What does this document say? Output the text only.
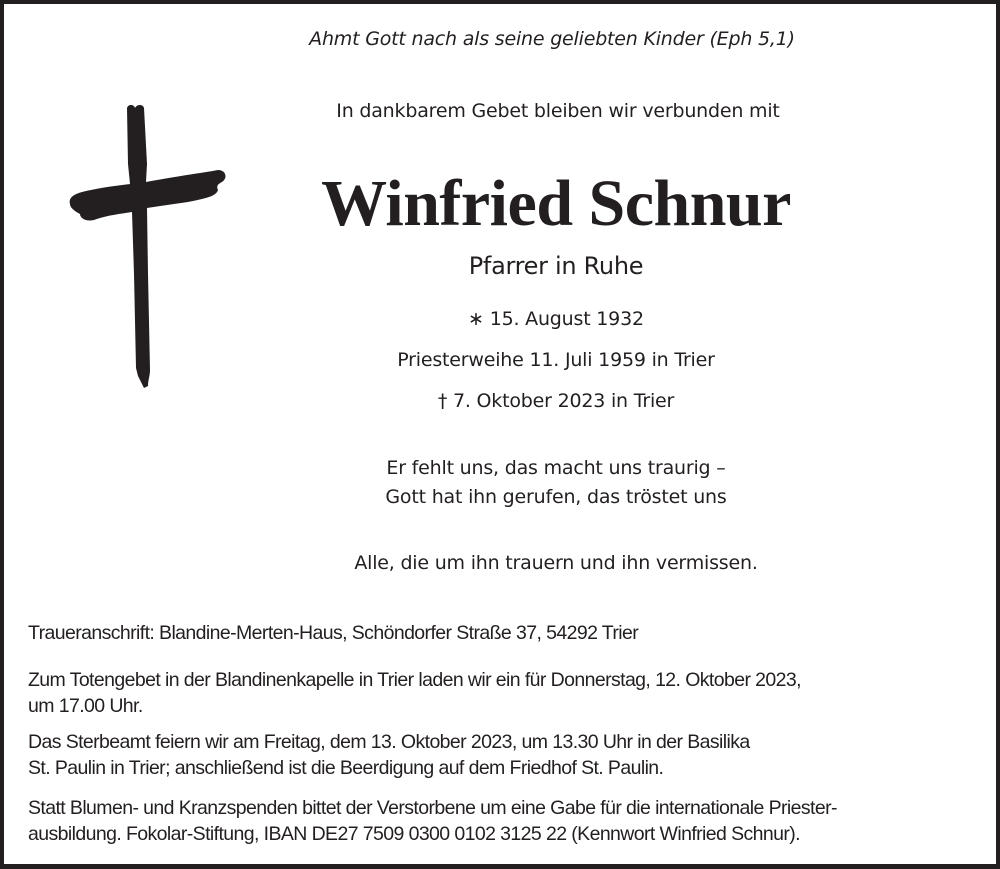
Ahmt Gott nach als seine geliebten Kinder (Eph 5,1)
In dankbarem Gebet bleiben wir verbunden mit
Winfried Schnur
Pfarrer in Ruhe
∗ 15. August 1932
Priesterweihe 11. Juli 1959 in Trier
† 7. Oktober 2023 in Trier
Er fehlt uns, das macht uns traurig –
Gott hat ihn gerufen, das tröstet uns
Alle, die um ihn trauern und ihn vermissen.

Traueranschrift: Blandine-Merten-Haus, Schöndorfer Straße 37, 54292 Trier

Zum Totengebet in der Blandinenkapelle in Trier laden wir ein für Donnerstag, 12. Oktober 2023,
um 17.00 Uhr.
Das Sterbeamt feiern wir am Freitag, dem 13. Oktober 2023, um 13.30 Uhr in der Basilika
St. Paulin in Trier; anschließend ist die Beerdigung auf dem Friedhof St. Paulin.
Statt Blumen- und Kranzspenden bittet der Verstorbene um eine Gabe für die internationale Priester-
ausbildung. Fokolar-Stiftung, IBAN DE27 7509 0300 0102 3125 22 (Kennwort Winfried Schnur).
